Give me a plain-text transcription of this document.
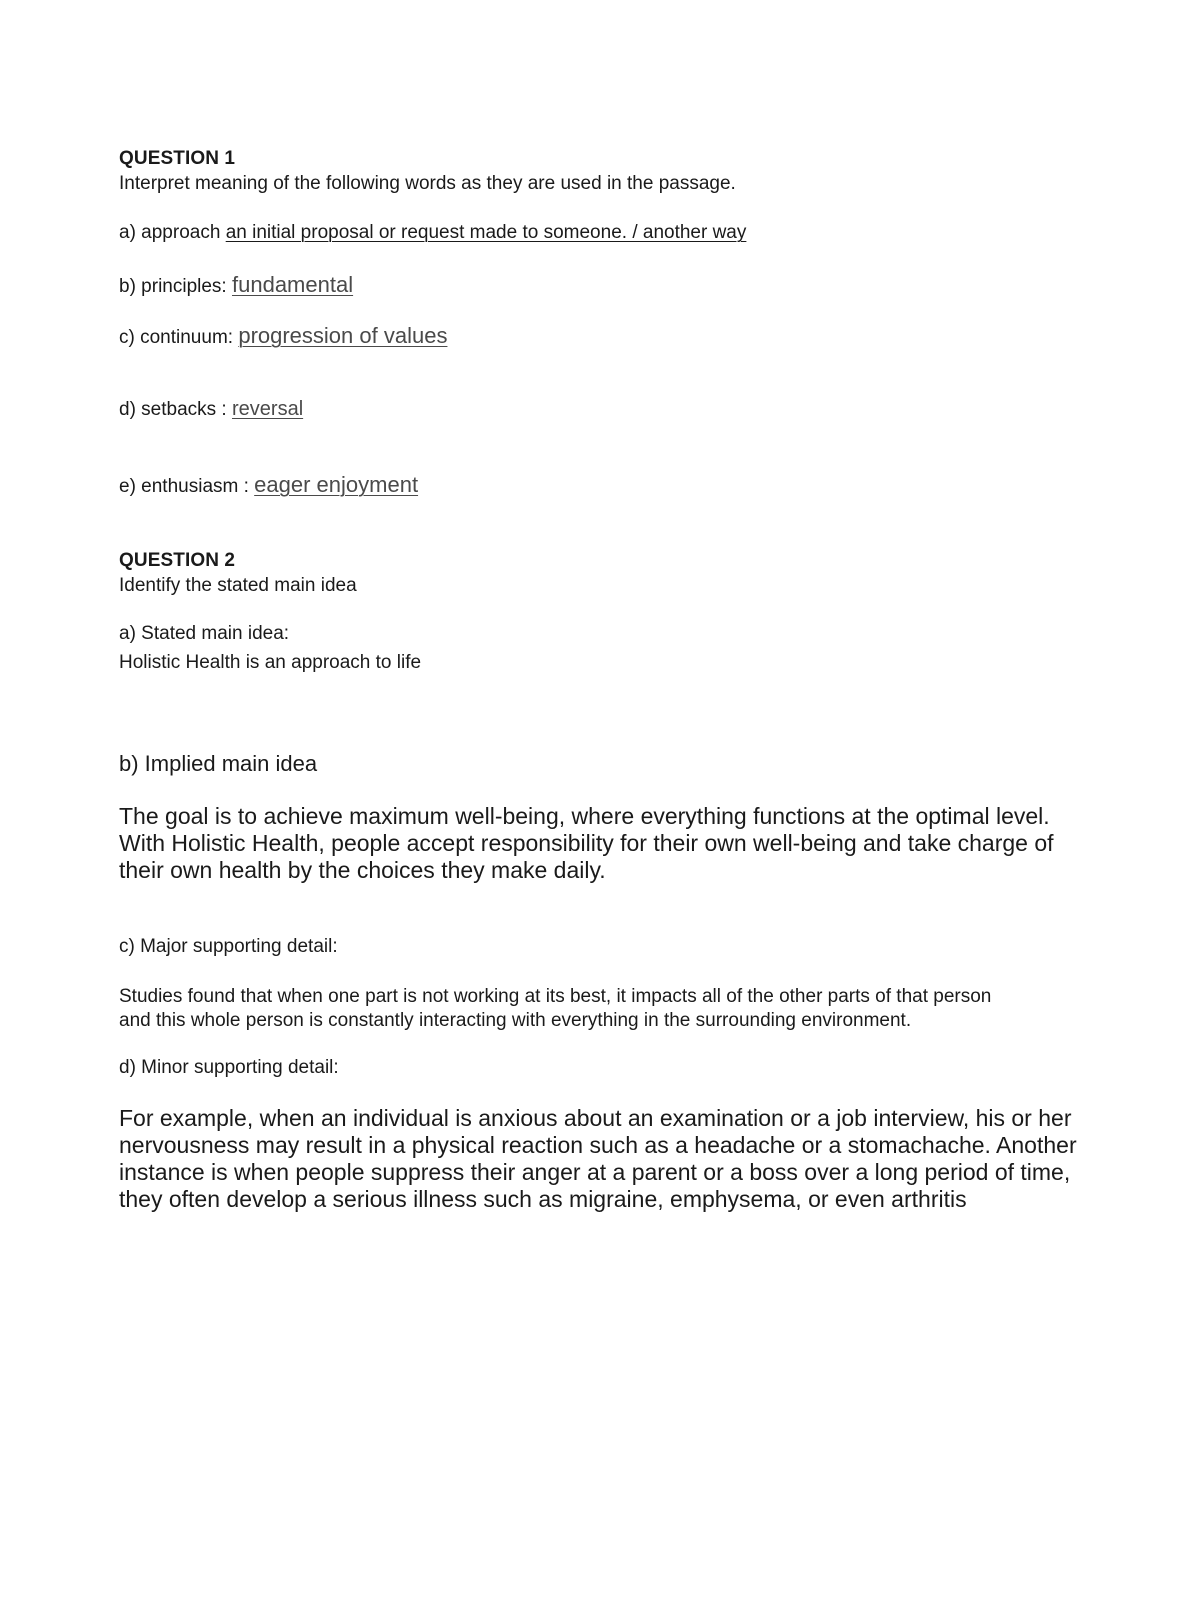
QUESTION 1
Interpret meaning of the following words as they are used in the passage.
a) approach an initial proposal or request made to someone. / another way
b) principles: fundamental
c) continuum: progression of values
d) setbacks : reversal
e) enthusiasm : eager enjoyment
QUESTION 2
Identify the stated main idea
a) Stated main idea:
Holistic Health is an approach to life
b) Implied main idea
The goal is to achieve maximum well-being, where everything functions at the optimal level.
With Holistic Health, people accept responsibility for their own well-being and take charge of
their own health by the choices they make daily.
c) Major supporting detail:
Studies found that when one part is not working at its best, it impacts all of the other parts of that person
and this whole person is constantly interacting with everything in the surrounding environment.
d) Minor supporting detail:
For example, when an individual is anxious about an examination or a job interview, his or her
nervousness may result in a physical reaction such as a headache or a stomachache. Another
instance is when people suppress their anger at a parent or a boss over a long period of time,
they often develop a serious illness such as migraine, emphysema, or even arthritis
